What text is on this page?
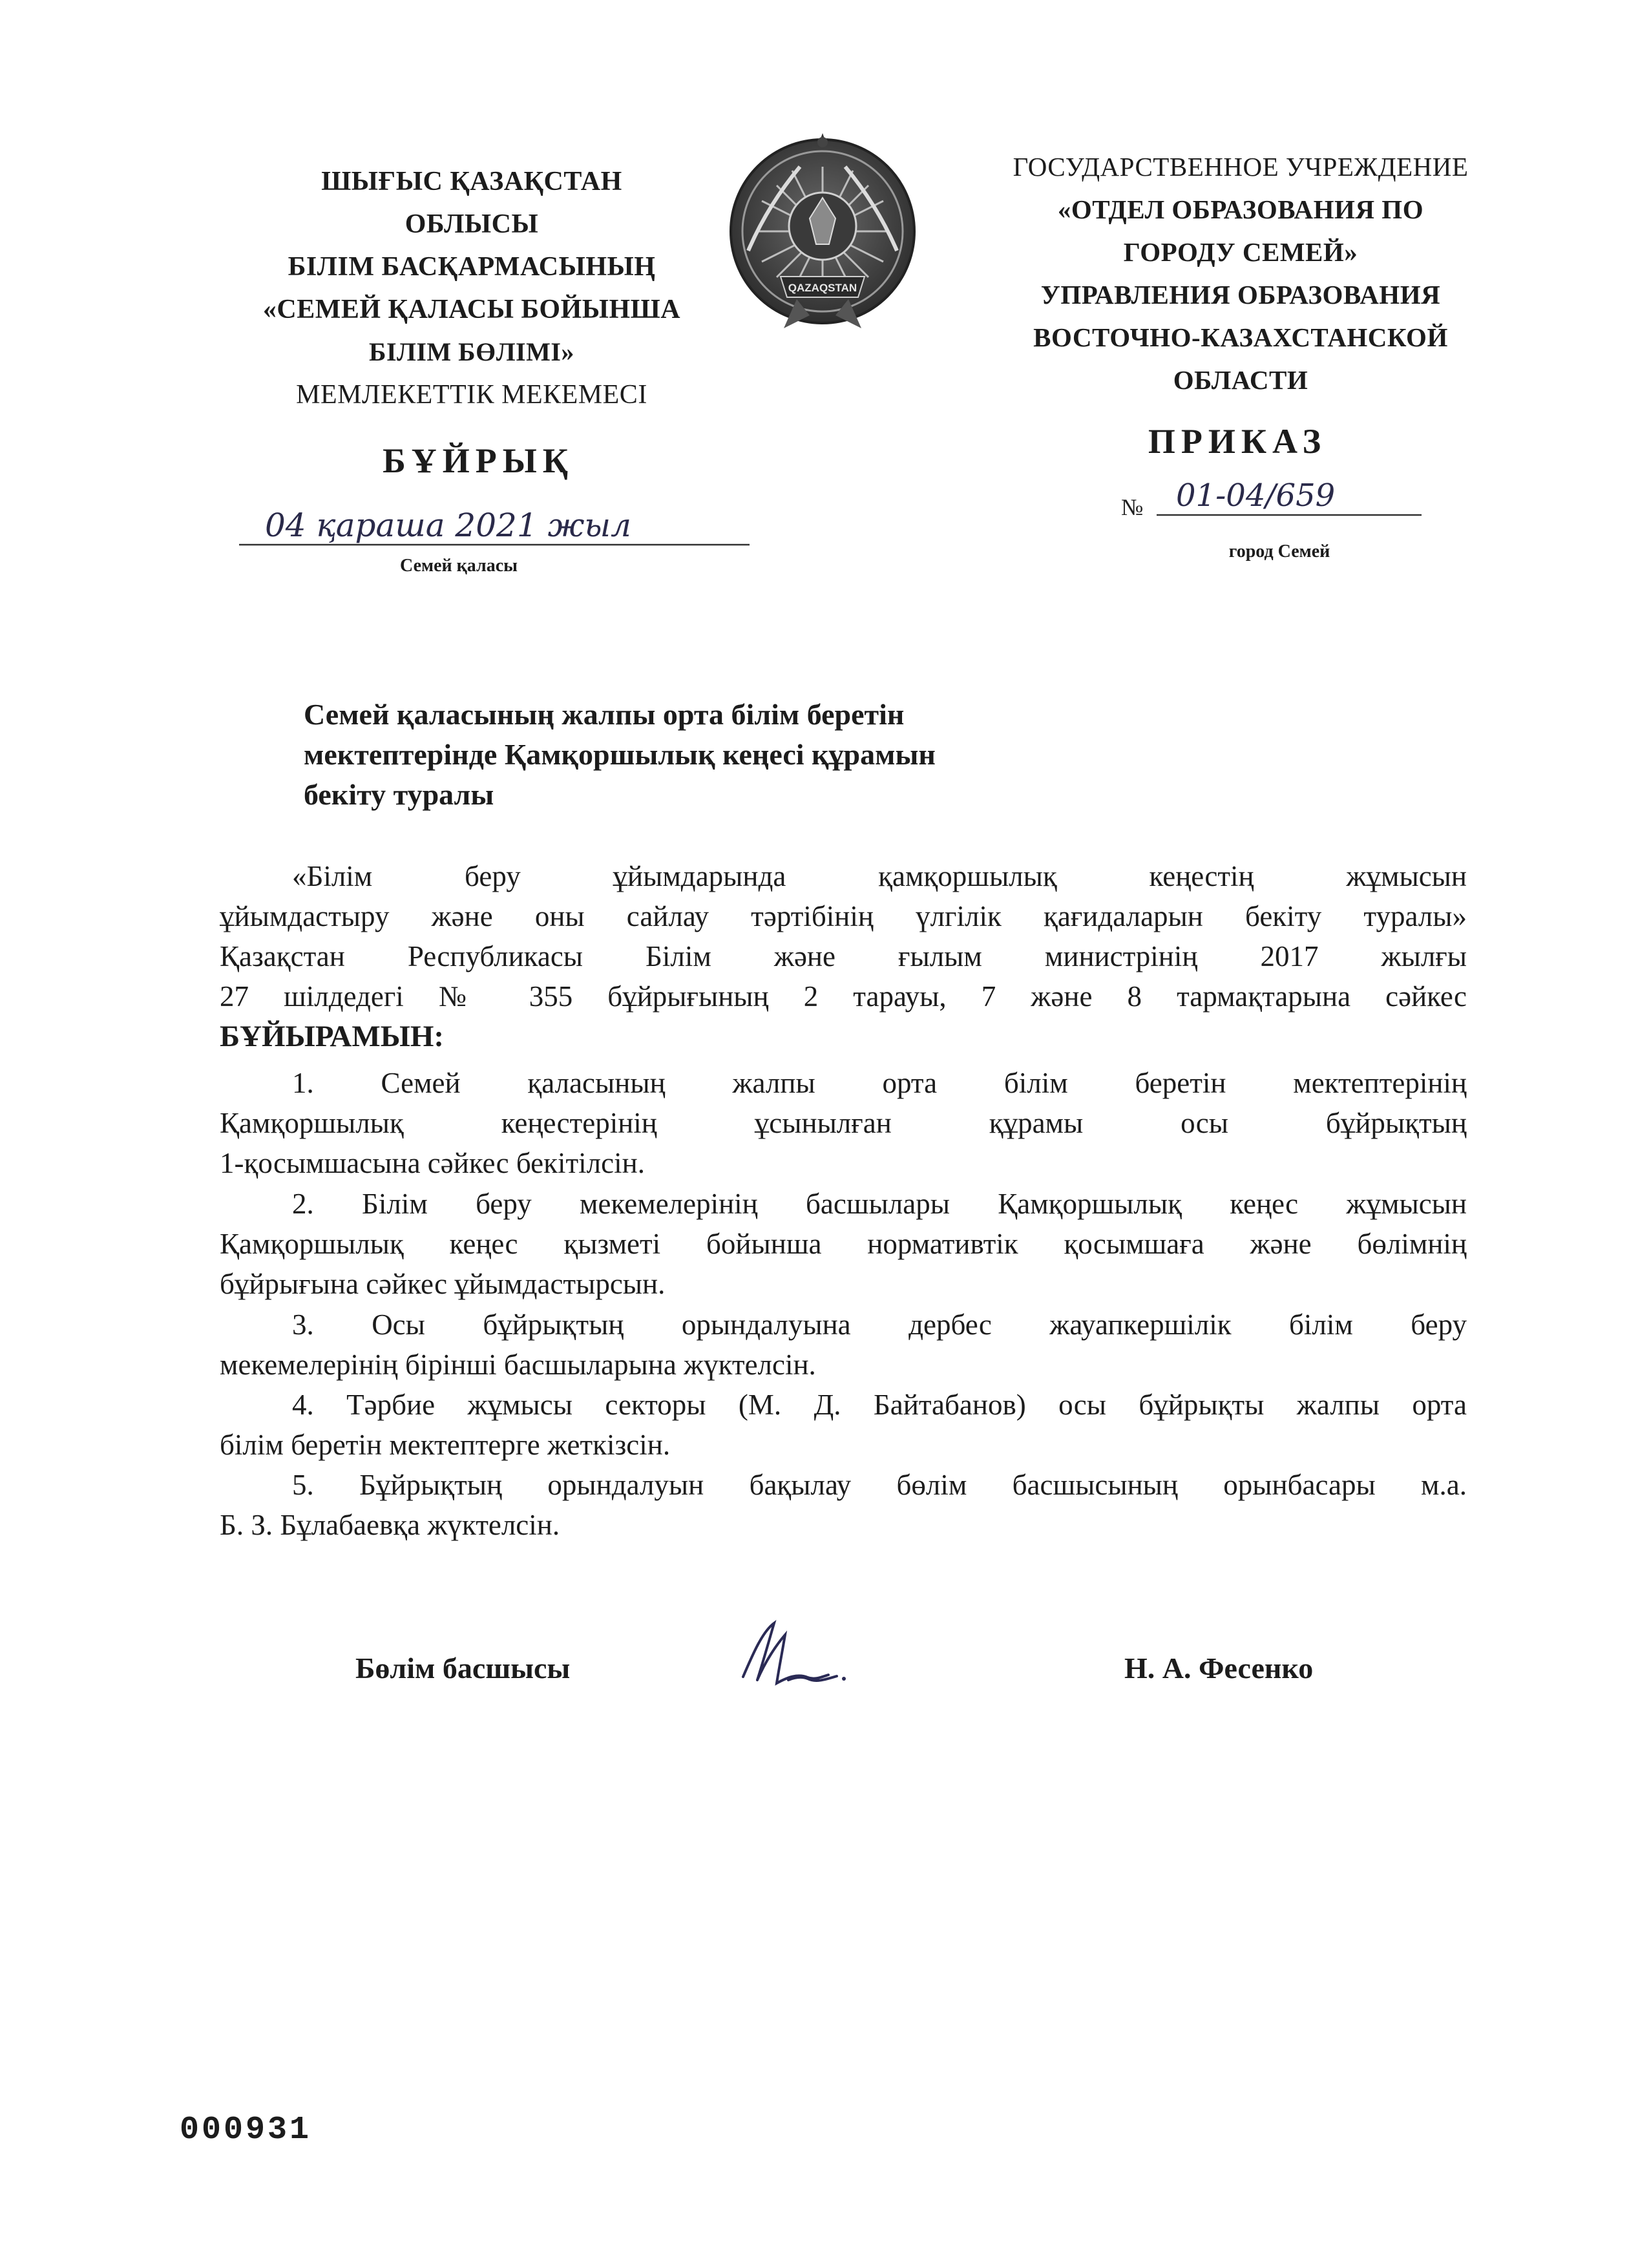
ШЫҒЫС ҚАЗАҚСТАН
ОБЛЫСЫ
БІЛІМ БАСҚАРМАСЫНЫҢ
«СЕМЕЙ ҚАЛАСЫ БОЙЫНША
БІЛІМ БӨЛІМІ»
МЕМЛЕКЕТТІК МЕКЕМЕСІ
QAZAQSTAN
ГОСУДАРСТВЕННОЕ УЧРЕЖДЕНИЕ
«ОТДЕЛ ОБРАЗОВАНИЯ ПО
ГОРОДУ СЕМЕЙ»
УПРАВЛЕНИЯ ОБРАЗОВАНИЯ
ВОСТОЧНО-КАЗАХСТАНСКОЙ
ОБЛАСТИ
БҰЙРЫҚ	ПРИКАЗ
04 қараша 2021 жыл
Семей қаласы
№ 01-04/659
город Семей
Семей қаласының жалпы орта білім беретін
мектептерінде Қамқоршылық кеңесі құрамын
бекіту туралы
«Білім беру ұйымдарында қамқоршылық кеңестің жұмысын
ұйымдастыру және оны сайлау тәртібінің үлгілік қағидаларын бекіту туралы»
Қазақстан Республикасы Білім және ғылым министрінің 2017 жылғы
27 шілдедегі № 355 бұйрығының 2 тарауы, 7 және 8 тармақтарына сәйкес
БҰЙЫРАМЫН:
1. Семей қаласының жалпы орта білім беретін мектептерінің
Қамқоршылық кеңестерінің ұсынылған құрамы осы бұйрықтың
1-қосымшасына сәйкес бекітілсін.
2. Білім беру мекемелерінің басшылары Қамқоршылық кеңес жұмысын
Қамқоршылық кеңес қызметі бойынша нормативтік қосымшаға және бөлімнің
бұйрығына сәйкес ұйымдастырсын.
3. Осы бұйрықтың орындалуына дербес жауапкершілік білім беру
мекемелерінің бірінші басшыларына жүктелсін.
4. Тәрбие жұмысы секторы (М. Д. Байтабанов) осы бұйрықты жалпы орта
білім беретін мектептерге жеткізсін.
5. Бұйрықтың орындалуын бақылау бөлім басшысының орынбасары м.а.
Б. З. Бұлабаевқа жүктелсін.
Бөлім басшысы	Н. А. Фесенко
000931
